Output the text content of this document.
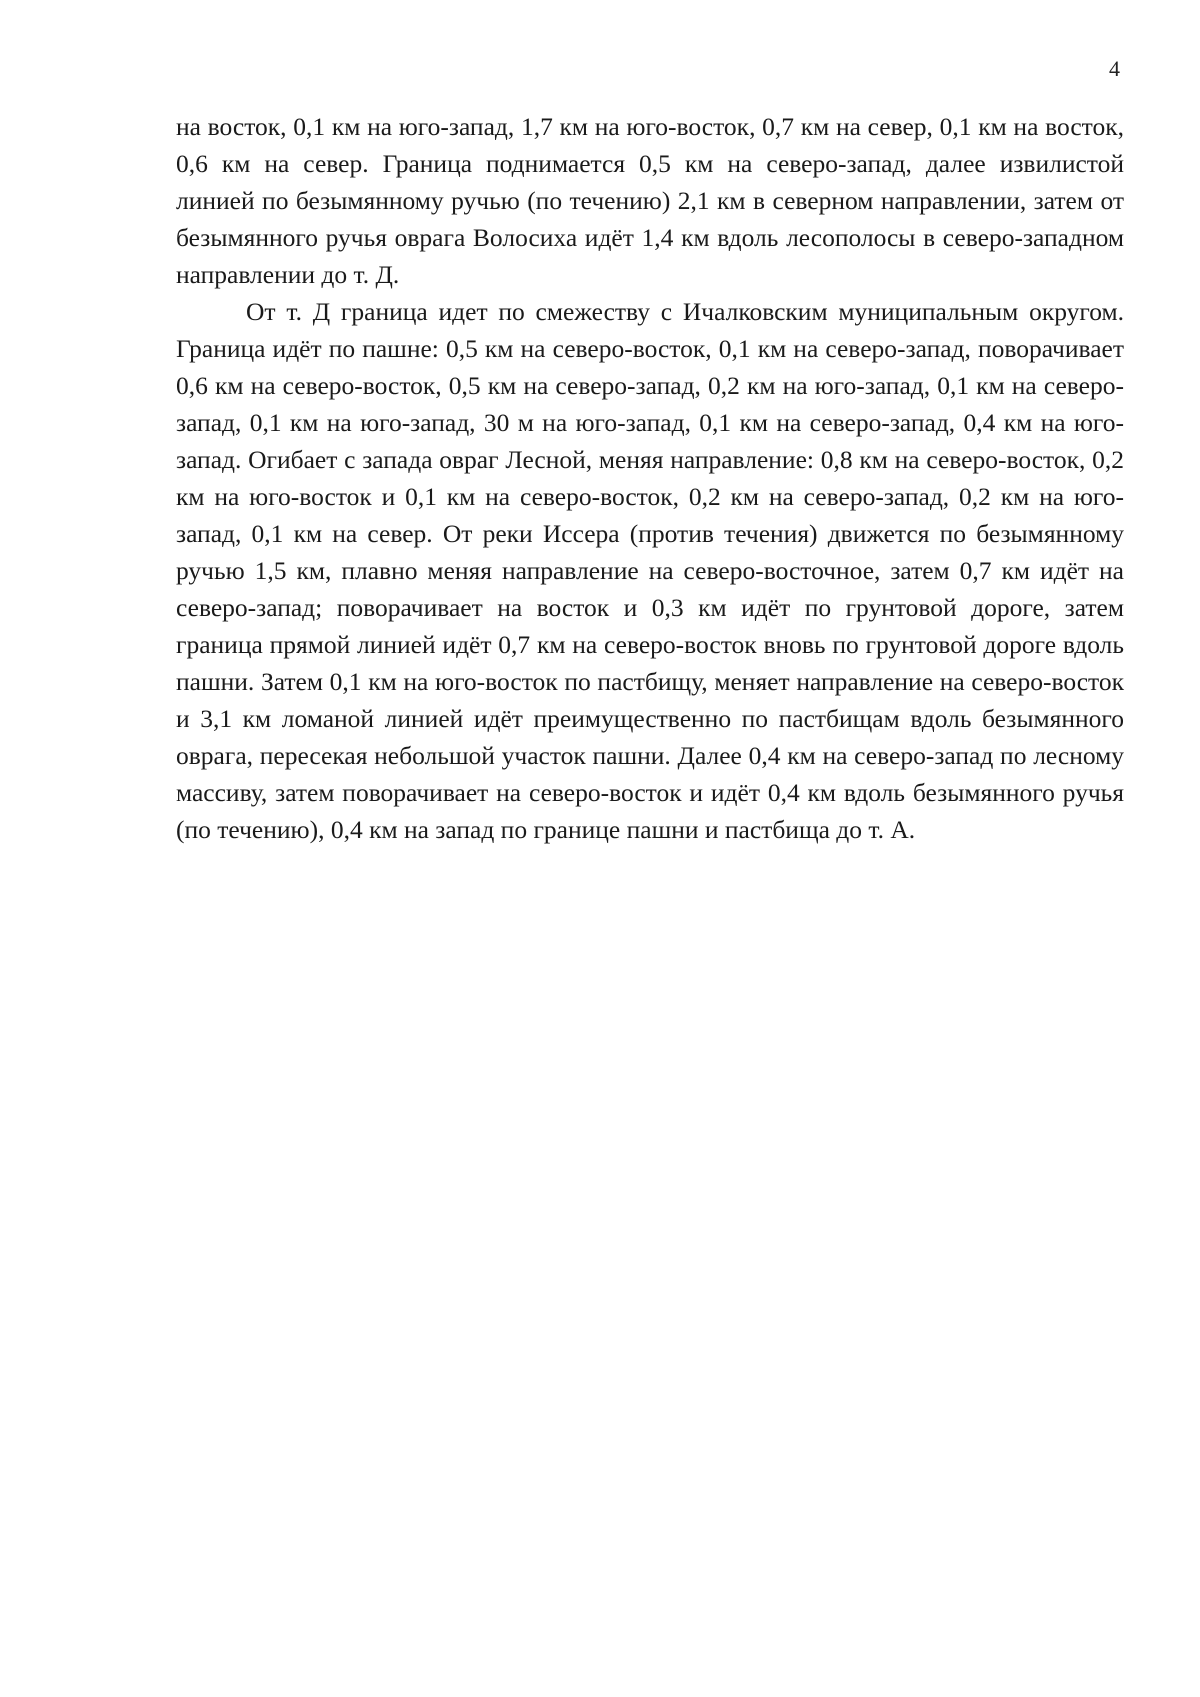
4

на восток, 0,1 км на юго-запад, 1,7 км на юго-восток, 0,7 км на север, 0,1 км на восток, 0,6 км на север. Граница поднимается 0,5 км на северо-запад, далее извилистой линией по безымянному ручью (по течению) 2,1 км в северном направлении, затем от безымянного ручья оврага Волосиха идёт 1,4 км вдоль лесополосы в северо-западном направлении до т. Д.

От т. Д граница идет по смежеству с Ичалковским муниципальным округом. Граница идёт по пашне: 0,5 км на северо-восток, 0,1 км на северо-запад, поворачивает 0,6 км на северо-восток, 0,5 км на северо-запад, 0,2 км на юго-запад, 0,1 км на северо-запад, 0,1 км на юго-запад, 30 м на юго-запад, 0,1 км на северо-запад, 0,4 км на юго-запад. Огибает с запада овраг Лесной, меняя направление: 0,8 км на северо-восток, 0,2 км на юго-восток и 0,1 км на северо-восток, 0,2 км на северо-запад, 0,2 км на юго-запад, 0,1 км на север. От реки Иссера (против течения) движется по безымянному ручью 1,5 км, плавно меняя направление на северо-восточное, затем 0,7 км идёт на северо-запад; поворачивает на восток и 0,3 км идёт по грунтовой дороге, затем граница прямой линией идёт 0,7 км на северо-восток вновь по грунтовой дороге вдоль пашни. Затем 0,1 км на юго-восток по пастбищу, меняет направление на северо-восток и 3,1 км ломаной линией идёт преимущественно по пастбищам вдоль безымянного оврага, пересекая небольшой участок пашни. Далее 0,4 км на северо-запад по лесному массиву, затем поворачивает на северо-восток и идёт 0,4 км вдоль безымянного ручья (по течению), 0,4 км на запад по границе пашни и пастбища до т. А.
